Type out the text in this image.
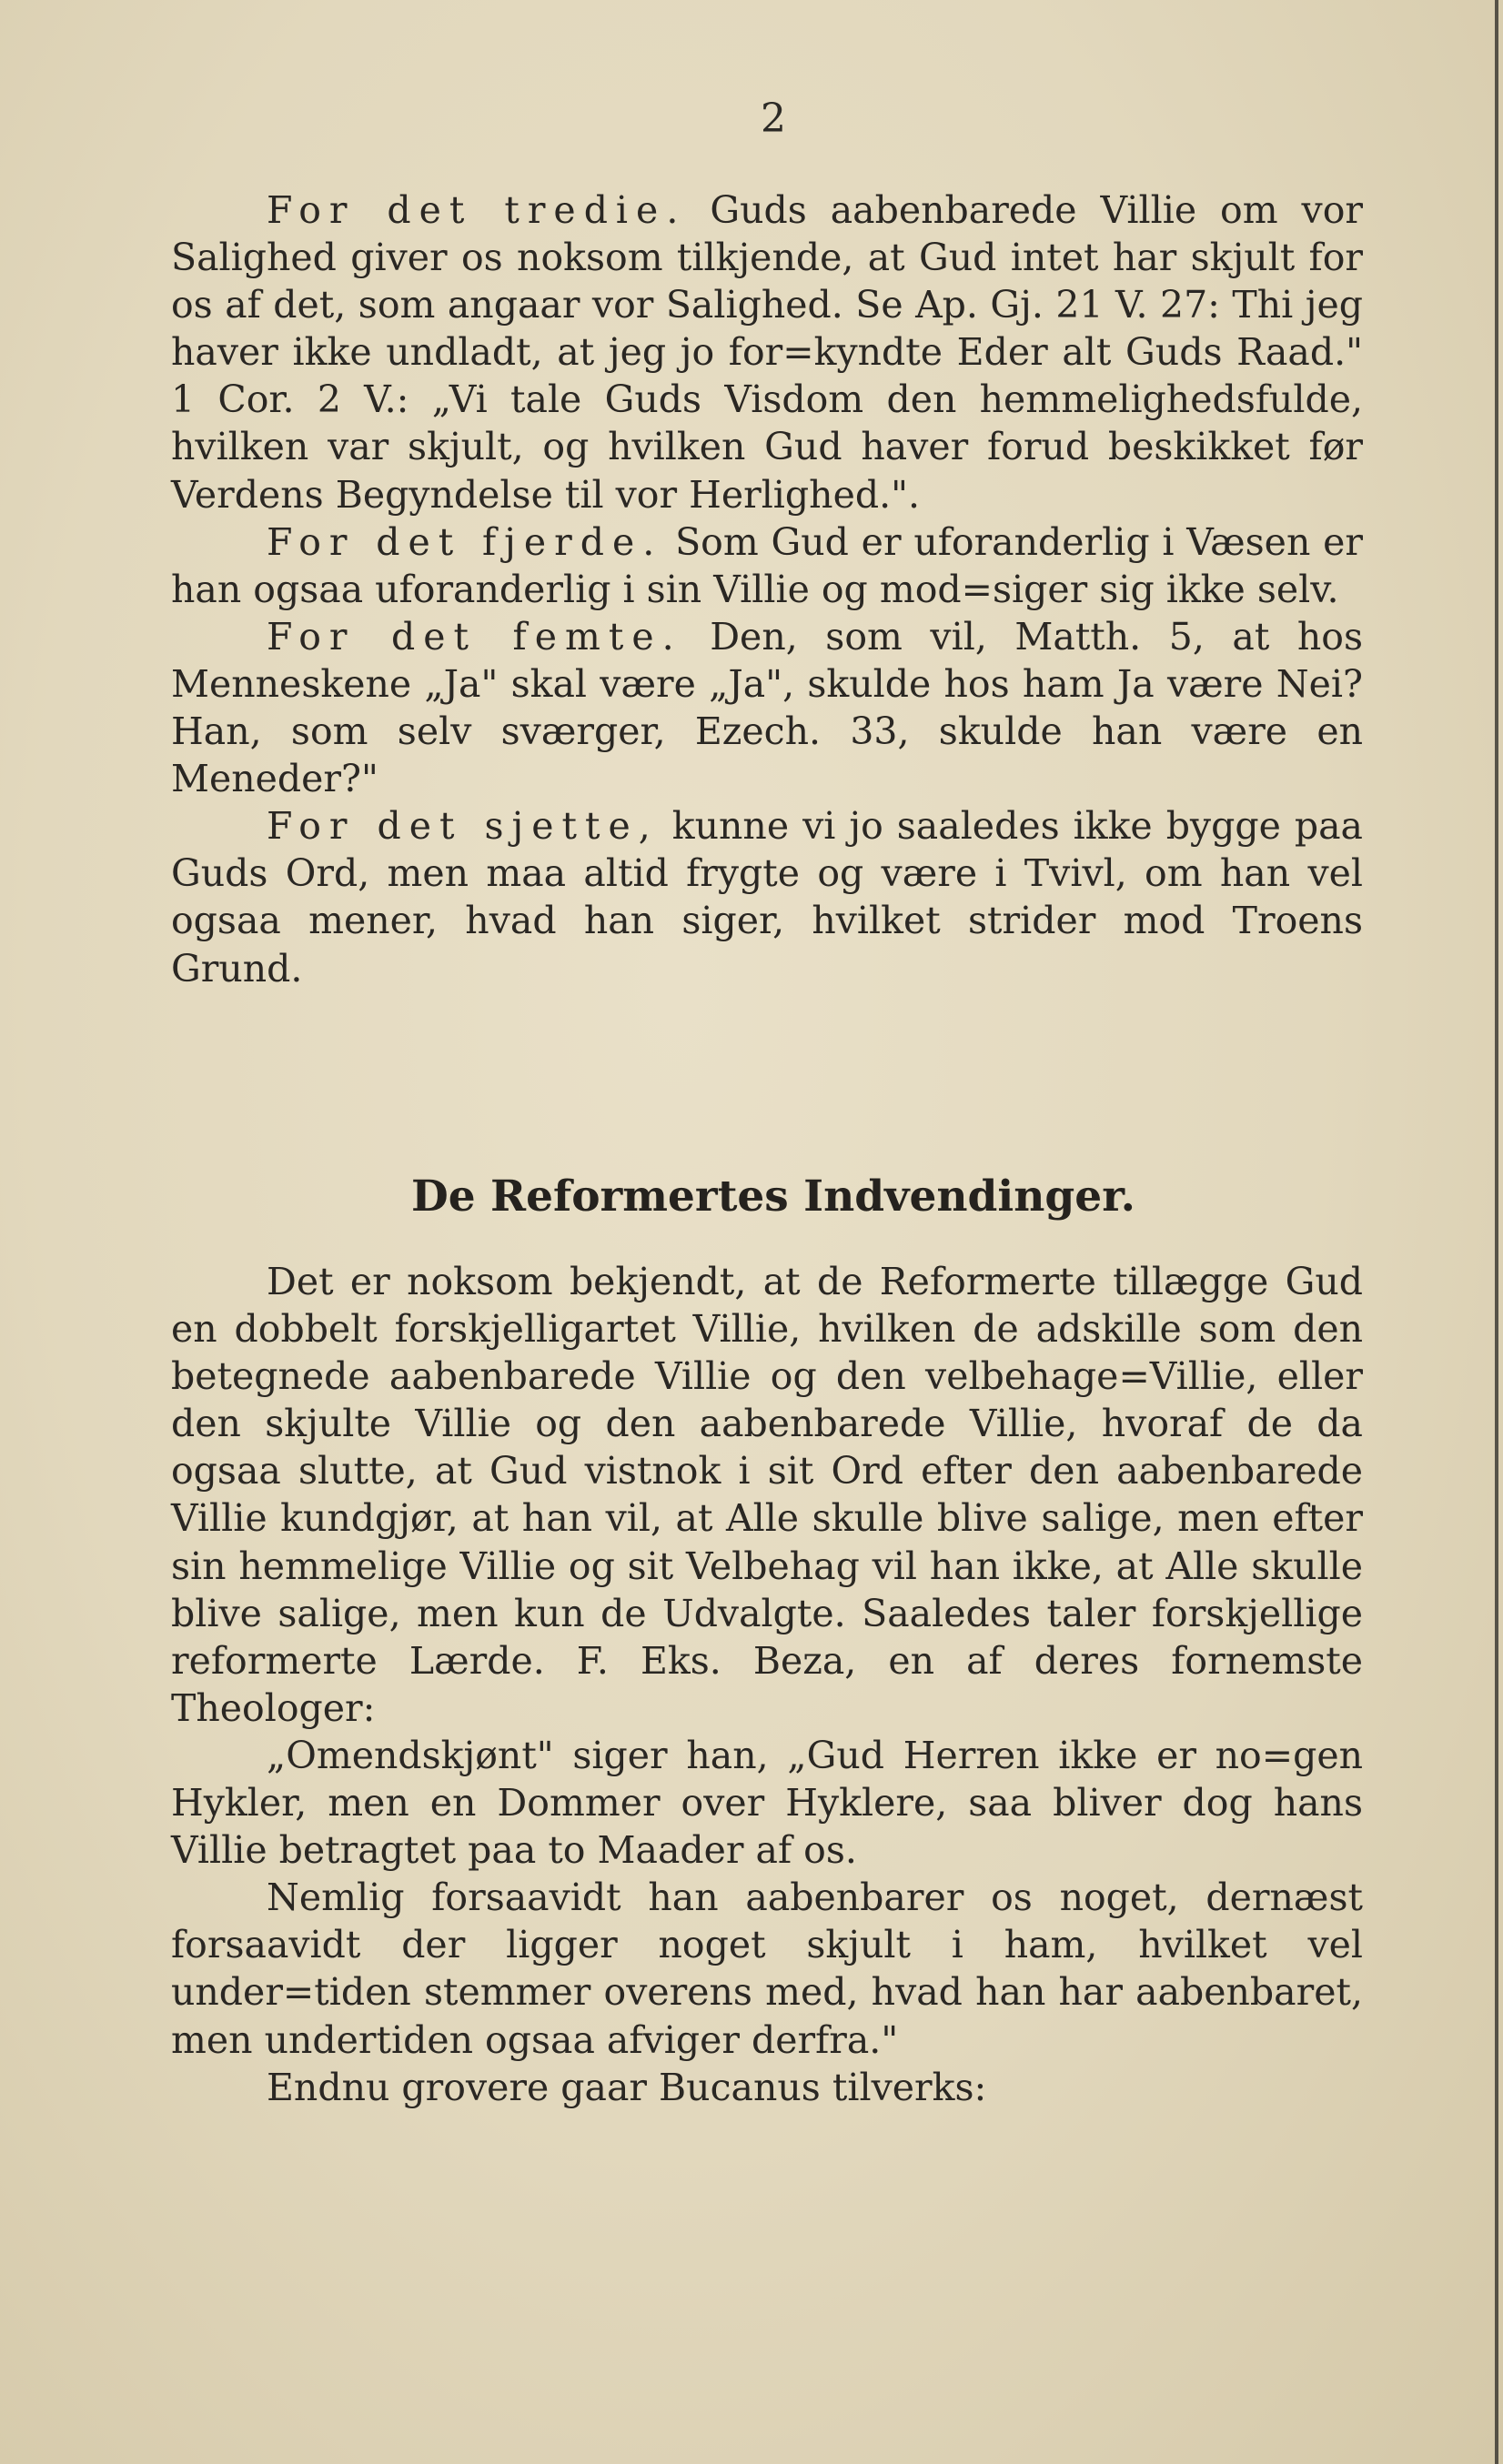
2

For det tredie. Guds aabenbarede Villie om vor Salighed giver os noksom tilkjende, at Gud intet har skjult for os af det, som angaar vor Salighed. Se Ap. Gj. 21 V. 27: Thi jeg haver ikke undladt, at jeg jo for=kyndte Eder alt Guds Raad." 1 Cor. 2 V.: „Vi tale Guds Visdom den hemmelighedsfulde, hvilken var skjult, og hvilken Gud haver forud beskikket før Verdens Begyndelse til vor Herlighed.".

For det fjerde. Som Gud er uforanderlig i Væsen er han ogsaa uforanderlig i sin Villie og mod=siger sig ikke selv.

For det femte. Den, som vil, Matth. 5, at hos Menneskene „Ja" skal være „Ja", skulde hos ham Ja være Nei? Han, som selv sværger, Ezech. 33, skulde han være en Meneder?"

For det sjette, kunne vi jo saaledes ikke bygge paa Guds Ord, men maa altid frygte og være i Tvivl, om han vel ogsaa mener, hvad han siger, hvilket strider mod Troens Grund.

De Reformertes Indvendinger.

Det er noksom bekjendt, at de Reformerte tillægge Gud en dobbelt forskjelligartet Villie, hvilken de adskille som den betegnede aabenbarede Villie og den velbehage=Villie, eller den skjulte Villie og den aabenbarede Villie, hvoraf de da ogsaa slutte, at Gud vistnok i sit Ord efter den aabenbarede Villie kundgjør, at han vil, at Alle skulle blive salige, men efter sin hemmelige Villie og sit Velbehag vil han ikke, at Alle skulle blive salige, men kun de Udvalgte. Saaledes taler forskjellige reformerte Lærde. F. Eks. Beza, en af deres fornemste Theologer:

„Omendskjønt" siger han, „Gud Herren ikke er no=gen Hykler, men en Dommer over Hyklere, saa bliver dog hans Villie betragtet paa to Maader af os.

Nemlig forsaavidt han aabenbarer os noget, dernæst forsaavidt der ligger noget skjult i ham, hvilket vel under=tiden stemmer overens med, hvad han har aabenbaret, men undertiden ogsaa afviger derfra."

Endnu grovere gaar Bucanus tilverks:
